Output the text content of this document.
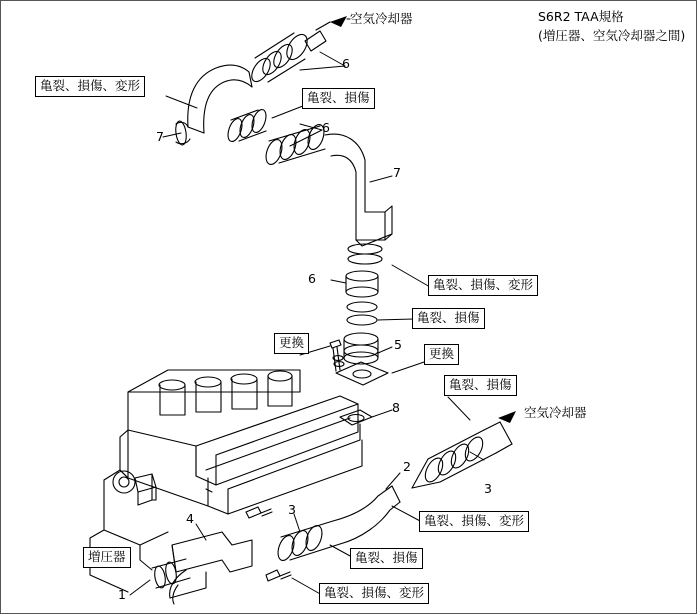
S6R2 TAA規格
(増圧器、空気冷却器之間)
空気冷却器
亀裂、損傷、変形
亀裂、損傷
亀裂、損傷、変形
亀裂、損傷
更換
更換
亀裂、損傷
空気冷却器
亀裂、損傷、変形
亀裂、損傷
亀裂、損傷、変形
増圧器
1
2
3
3
4
5
6
6
6
7
7
8
